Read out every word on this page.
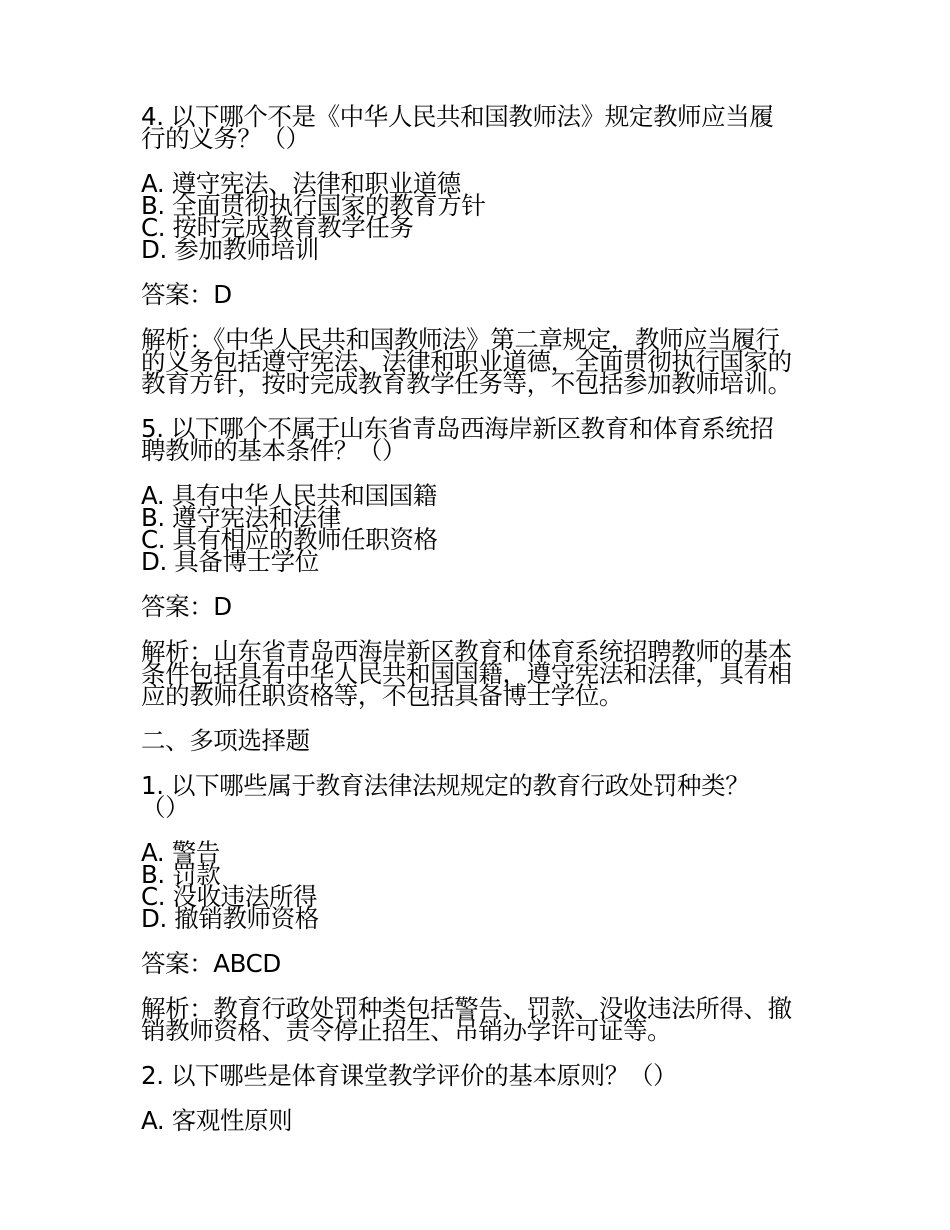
4. 以下哪个不是《中华人民共和国教师法》规定教师应当履
行的义务？（）
A. 遵守宪法、法律和职业道德
B. 全面贯彻执行国家的教育方针
C. 按时完成教育教学任务
D. 参加教师培训
答案：D
解析：《中华人民共和国教师法》第二章规定，教师应当履行
的义务包括遵守宪法、法律和职业道德，全面贯彻执行国家的
教育方针，按时完成教育教学任务等，不包括参加教师培训。
5. 以下哪个不属于山东省青岛西海岸新区教育和体育系统招
聘教师的基本条件？（）
A. 具有中华人民共和国国籍
B. 遵守宪法和法律
C. 具有相应的教师任职资格
D. 具备博士学位
答案：D
解析：山东省青岛西海岸新区教育和体育系统招聘教师的基本
条件包括具有中华人民共和国国籍，遵守宪法和法律，具有相
应的教师任职资格等，不包括具备博士学位。
二、多项选择题
1. 以下哪些属于教育法律法规规定的教育行政处罚种类？
（）
A. 警告
B. 罚款
C. 没收违法所得
D. 撤销教师资格
答案：ABCD
解析：教育行政处罚种类包括警告、罚款、没收违法所得、撤
销教师资格、责令停止招生、吊销办学许可证等。
2. 以下哪些是体育课堂教学评价的基本原则？（）
A. 客观性原则
